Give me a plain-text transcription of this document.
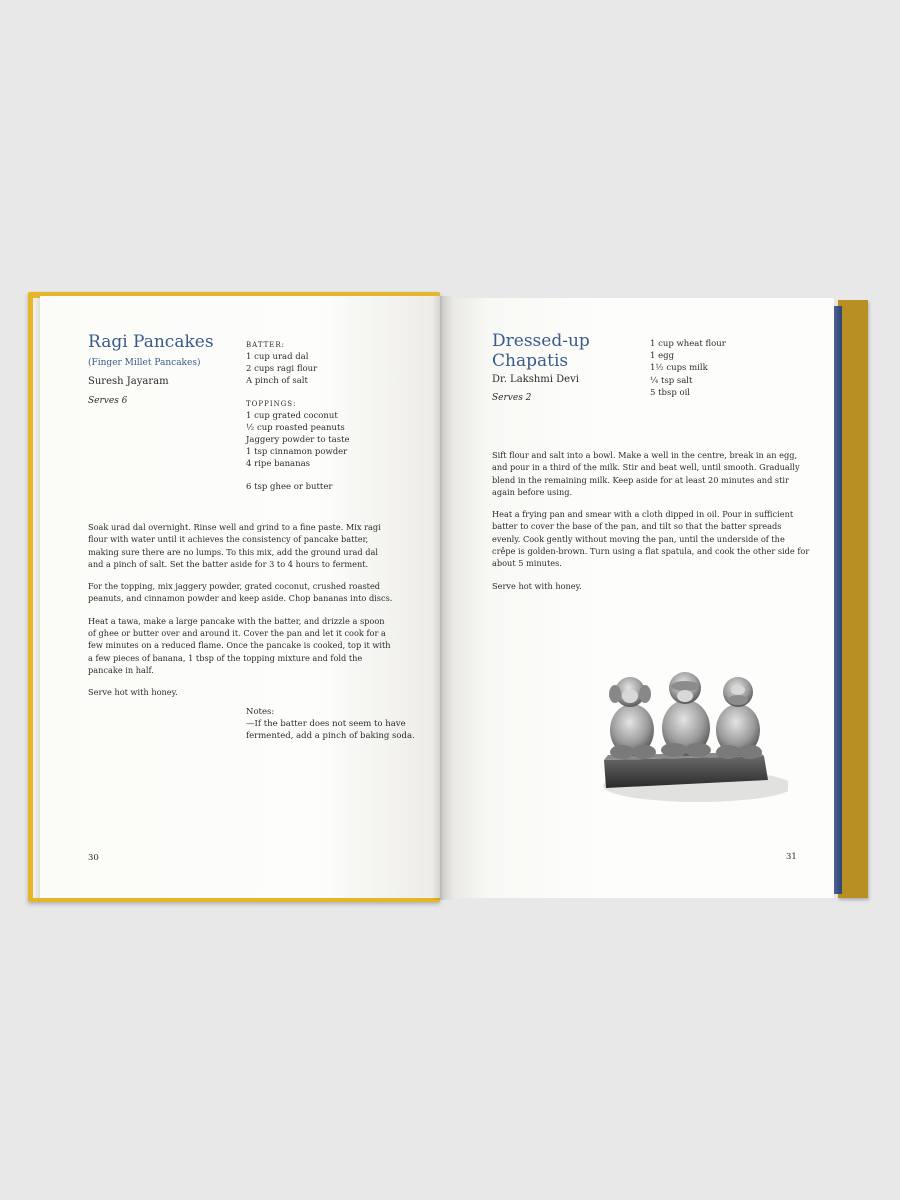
Ragi Pancakes
(Finger Millet Pancakes)
Suresh Jayaram
Serves 6
BATTER:
1 cup urad dal
2 cups ragi flour
A pinch of salt
TOPPINGS:
1 cup grated coconut
½ cup roasted peanuts
Jaggery powder to taste
1 tsp cinnamon powder
4 ripe bananas
6 tsp ghee or butter

Soak urad dal overnight. Rinse well and grind to a fine paste. Mix ragi flour with water until it achieves the consistency of pancake batter, making sure there are no lumps. To this mix, add the ground urad dal and a pinch of salt. Set the batter aside for 3 to 4 hours to ferment.

For the topping, mix jaggery powder, grated coconut, crushed roasted peanuts, and cinnamon powder and keep aside. Chop bananas into discs.

Heat a tawa, make a large pancake with the batter, and drizzle a spoon of ghee or butter over and around it. Cover the pan and let it cook for a few minutes on a reduced flame. Once the pancake is cooked, top it with a few pieces of banana, 1 tbsp of the topping mixture and fold the pancake in half.

Serve hot with honey.

Notes:
—If the batter does not seem to have
fermented, add a pinch of baking soda.
30
Dressed-up
Chapatis
Dr. Lakshmi Devi
Serves 2
1 cup wheat flour
1 egg
1½ cups milk
¼ tsp salt
5 tbsp oil

Sift flour and salt into a bowl. Make a well in the centre, break in an egg, and pour in a third of the milk. Stir and beat well, until smooth. Gradually blend in the remaining milk. Keep aside for at least 20 minutes and stir again before using.

Heat a frying pan and smear with a cloth dipped in oil. Pour in sufficient batter to cover the base of the pan, and tilt so that the batter spreads evenly. Cook gently without moving the pan, until the underside of the crêpe is golden-brown. Turn using a flat spatula, and cook the other side for about 5 minutes.

Serve hot with honey.

31
